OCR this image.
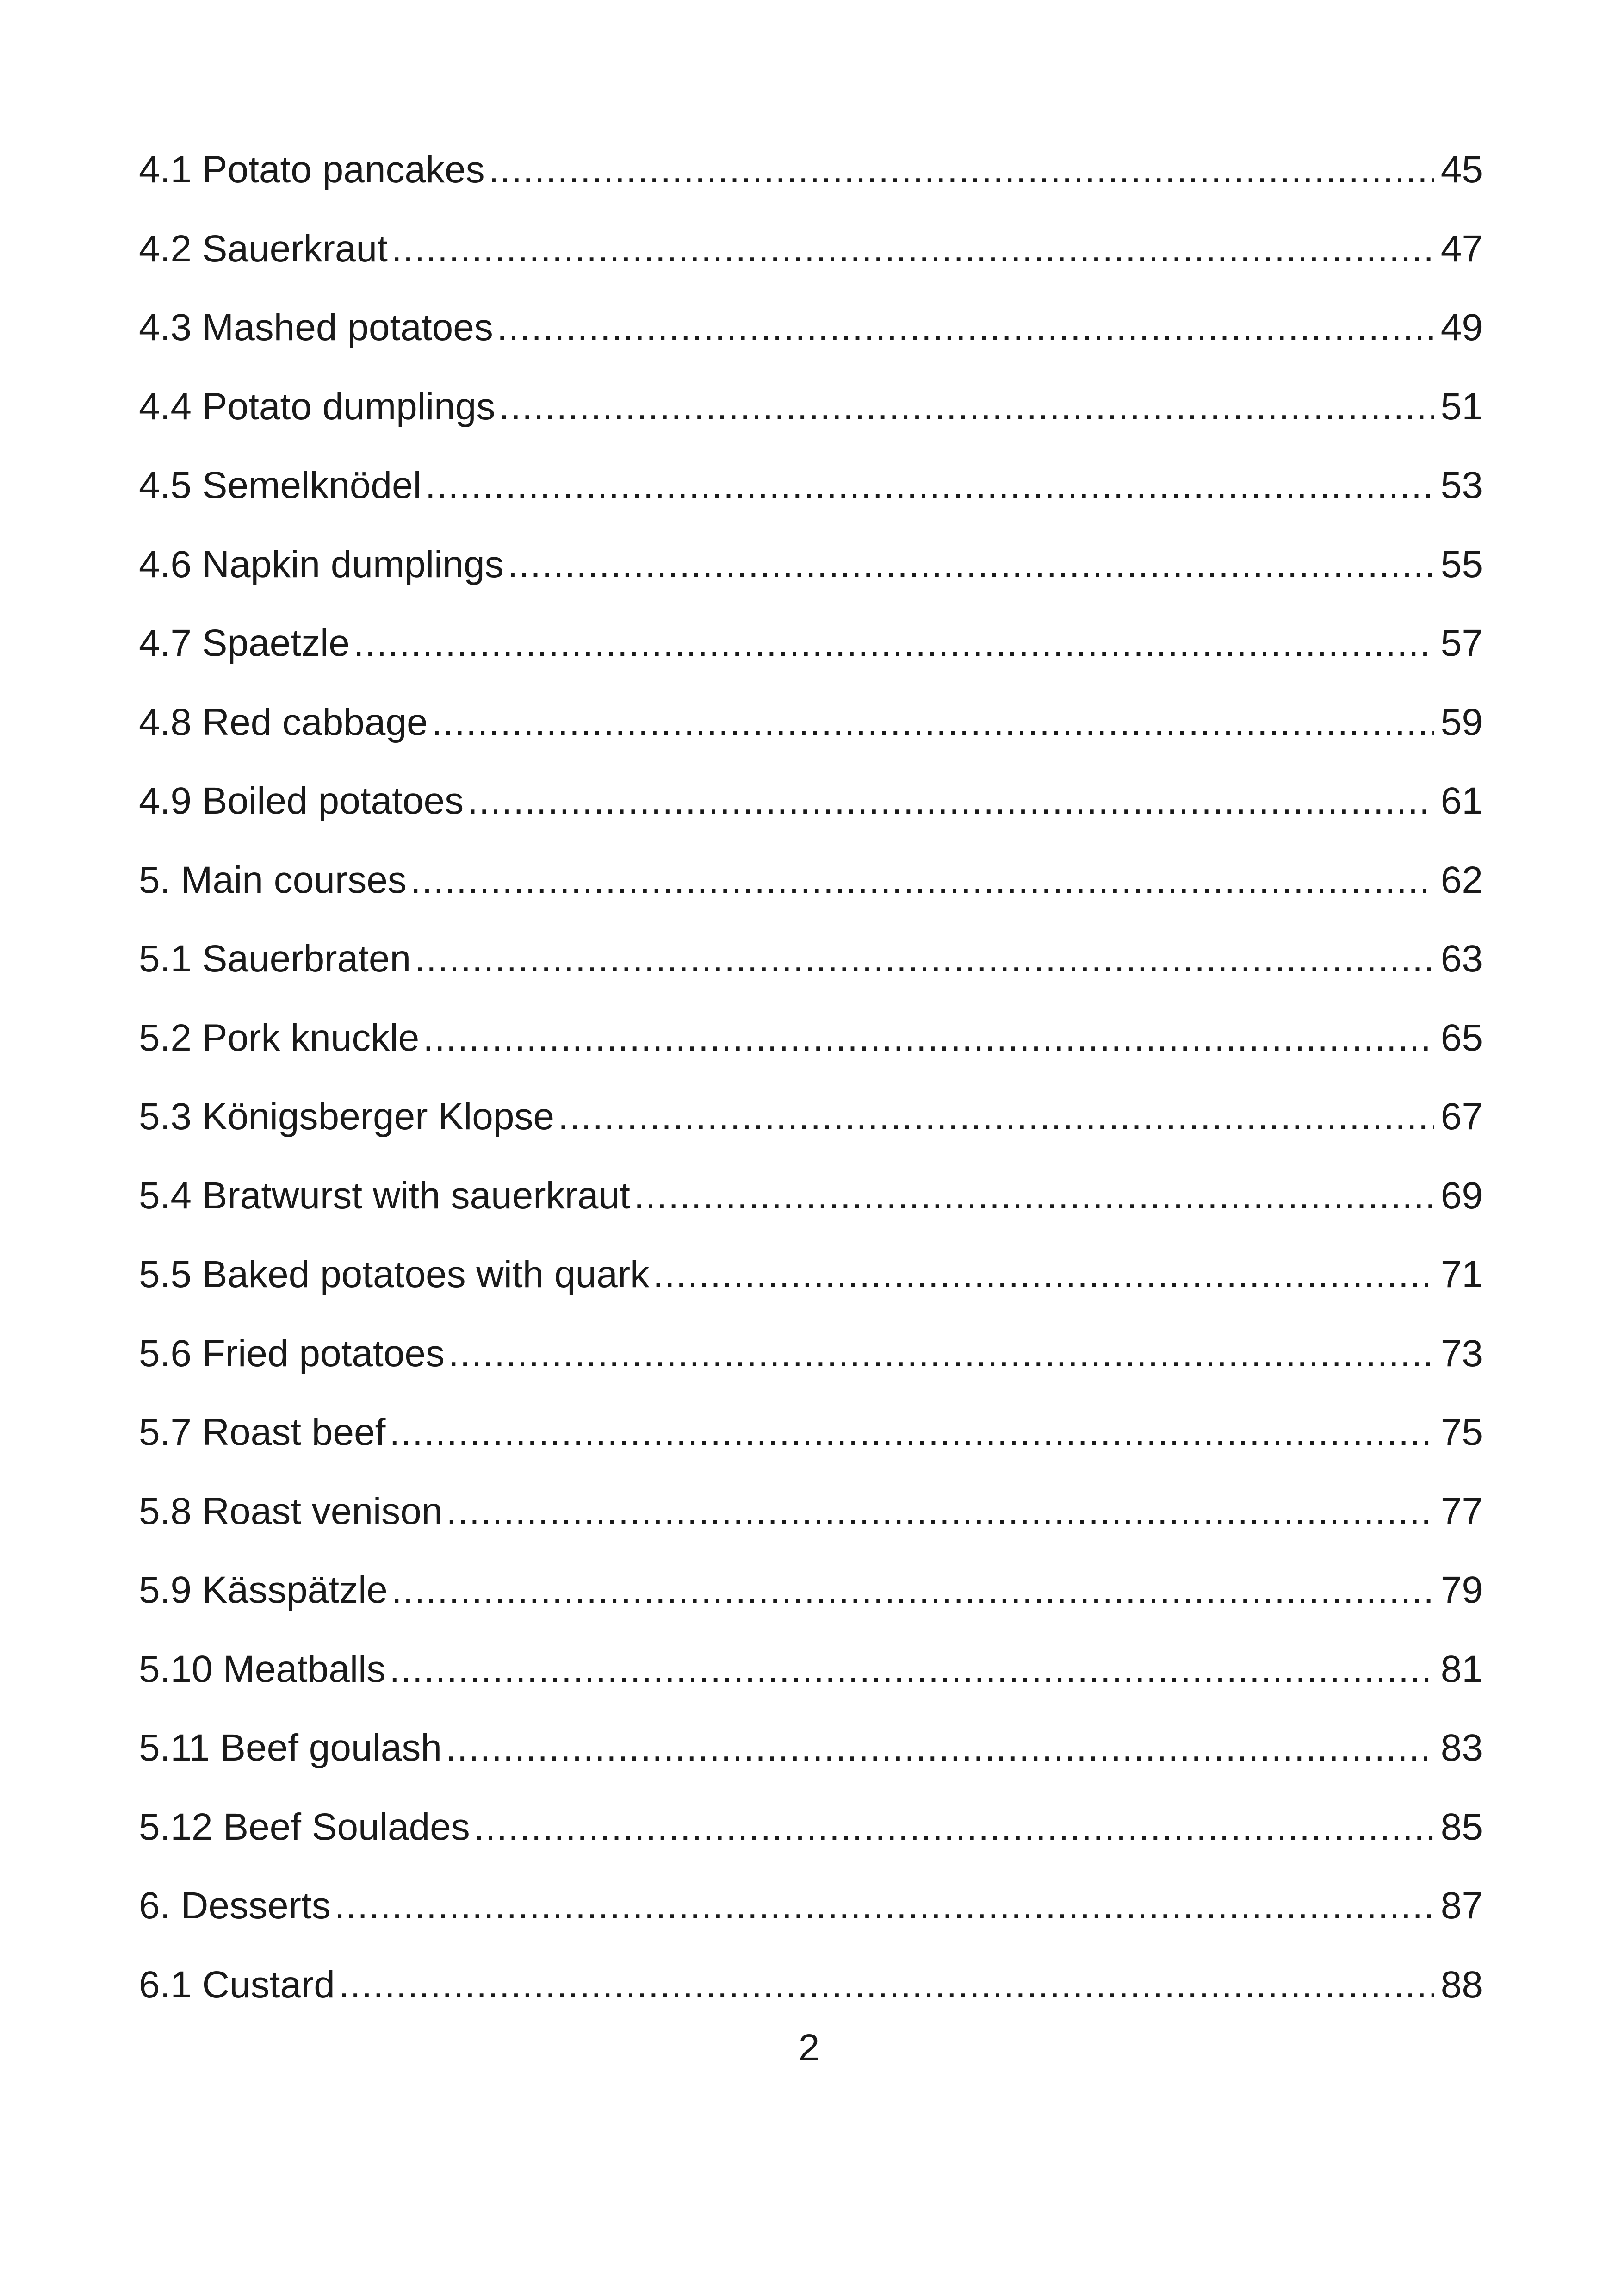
4.1 Potato pancakes .....	45
4.2 Sauerkraut .....	47
4.3 Mashed potatoes .....	49
4.4 Potato dumplings .....	51
4.5 Semelknödel .....	53
4.6 Napkin dumplings .....	55
4.7 Spaetzle .....	57
4.8 Red cabbage .....	59
4.9 Boiled potatoes .....	61
5. Main courses .....	62
5.1 Sauerbraten .....	63
5.2 Pork knuckle .....	65
5.3 Königsberger Klopse .....	67
5.4 Bratwurst with sauerkraut .....	69
5.5 Baked potatoes with quark .....	71
5.6 Fried potatoes .....	73
5.7 Roast beef .....	75
5.8 Roast venison .....	77
5.9 Kässpätzle .....	79
5.10 Meatballs .....	81
5.11 Beef goulash .....	83
5.12 Beef Soulades .....	85
6. Desserts .....	87
6.1 Custard .....	88
2
